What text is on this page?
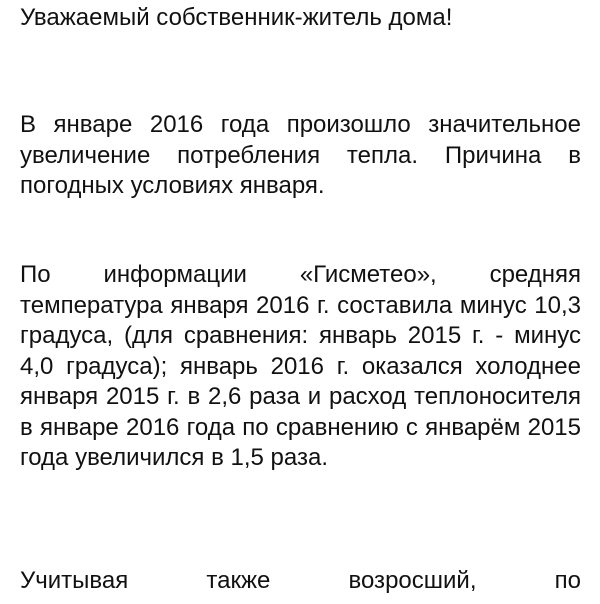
Уважаемый собственник-житель дома!

В январе 2016 года произошло значительное увеличение потребления тепла. Причина в погодных условиях января.

По информации «Гисметео», средняя температура января 2016 г. составила минус 10,3 градуса, (для сравнения: январь 2015 г. - минус 4,0 градуса); январь 2016 г. оказался холоднее января 2015 г. в 2,6 раза и расход теплоносителя в январе 2016 года по сравнению с январём 2015 года увеличился в 1,5 раза.

Учитывая также возросший, по
